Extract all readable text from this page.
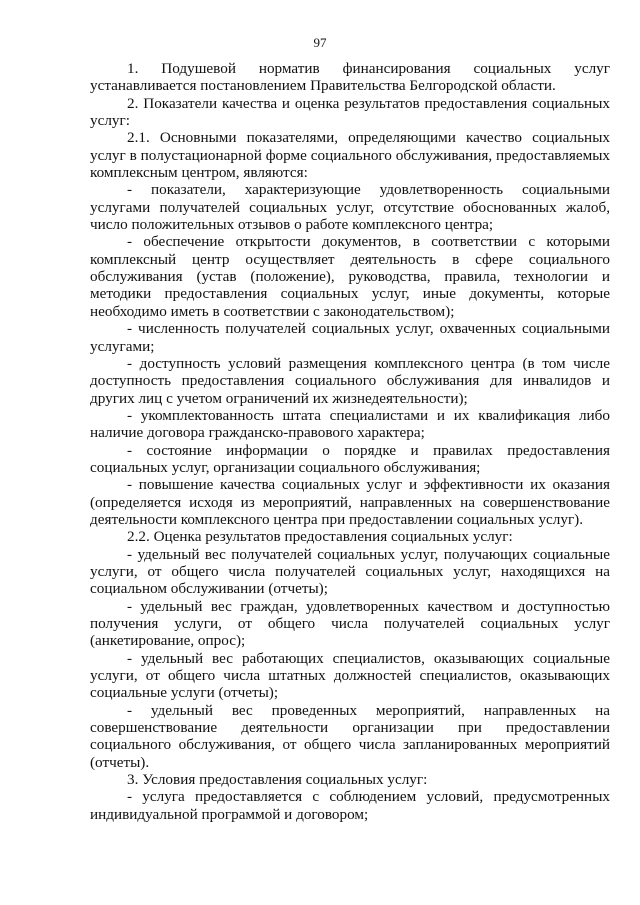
97

1. Подушевой норматив финансирования социальных услуг устанавливается постановлением Правительства Белгородской области.

2. Показатели качества и оценка результатов предоставления социальных услуг:

2.1. Основными показателями, определяющими качество социальных услуг в полустационарной форме социального обслуживания, предоставляемых комплексным центром, являются:

- показатели, характеризующие удовлетворенность социальными услугами получателей социальных услуг, отсутствие обоснованных жалоб, число положительных отзывов о работе комплексного центра;

- обеспечение открытости документов, в соответствии с которыми комплексный центр осуществляет деятельность в сфере социального обслуживания (устав (положение), руководства, правила, технологии и методики предоставления социальных услуг, иные документы, которые необходимо иметь в соответствии с законодательством);

- численность получателей социальных услуг, охваченных социальными услугами;

- доступность условий размещения комплексного центра (в том числе доступность предоставления социального обслуживания для инвалидов и других лиц с учетом ограничений их жизнедеятельности);

- укомплектованность штата специалистами и их квалификация либо наличие договора гражданско-правового характера;

- состояние информации о порядке и правилах предоставления социальных услуг, организации социального обслуживания;

- повышение качества социальных услуг и эффективности их оказания (определяется исходя из мероприятий, направленных на совершенствование деятельности комплексного центра при предоставлении социальных услуг).

2.2. Оценка результатов предоставления социальных услуг:

- удельный вес получателей социальных услуг, получающих социальные услуги, от общего числа получателей социальных услуг, находящихся на социальном обслуживании (отчеты);

- удельный вес граждан, удовлетворенных качеством и доступностью получения услуги, от общего числа получателей социальных услуг (анкетирование, опрос);

- удельный вес работающих специалистов, оказывающих социальные услуги, от общего числа штатных должностей специалистов, оказывающих социальные услуги (отчеты);

- удельный вес проведенных мероприятий, направленных на совершенствование деятельности организации при предоставлении социального обслуживания, от общего числа запланированных мероприятий (отчеты).

3. Условия предоставления социальных услуг:

- услуга предоставляется с соблюдением условий, предусмотренных индивидуальной программой и договором;
